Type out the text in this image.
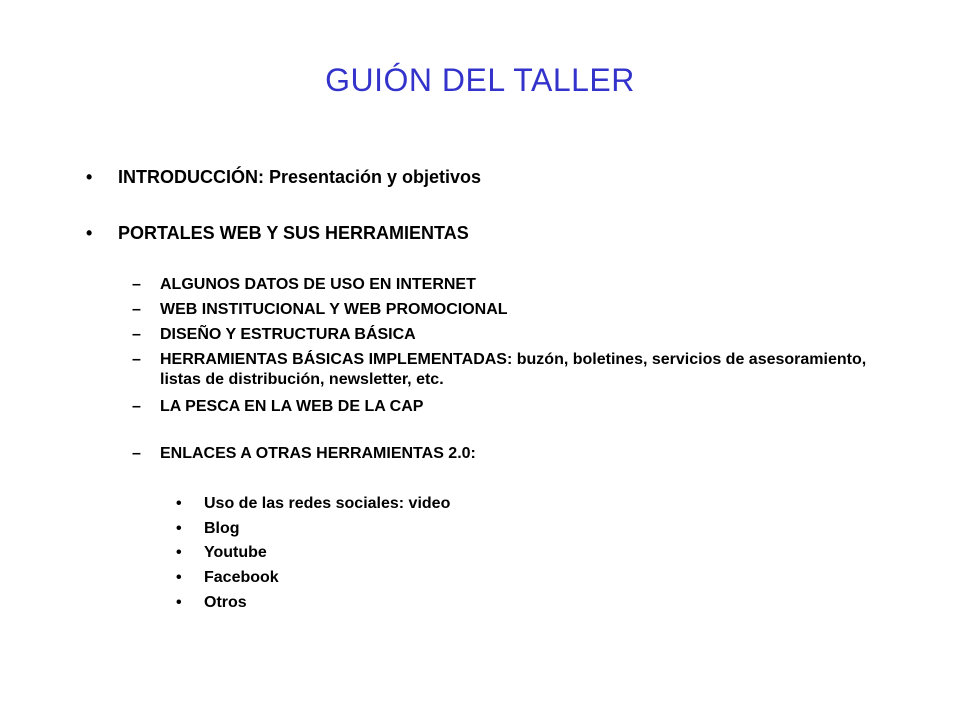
GUIÓN DEL TALLER
• INTRODUCCIÓN: Presentación y objetivos
• PORTALES WEB Y SUS HERRAMIENTAS
– ALGUNOS DATOS DE USO EN INTERNET
– WEB INSTITUCIONAL Y WEB PROMOCIONAL
– DISEÑO Y ESTRUCTURA BÁSICA
– HERRAMIENTAS BÁSICAS IMPLEMENTADAS: buzón, boletines, servicios de asesoramiento, listas de distribución, newsletter, etc.
– LA PESCA EN LA WEB DE LA CAP
– ENLACES A OTRAS HERRAMIENTAS 2.0:
• Uso de las redes sociales: video
• Blog
• Youtube
• Facebook
• Otros
